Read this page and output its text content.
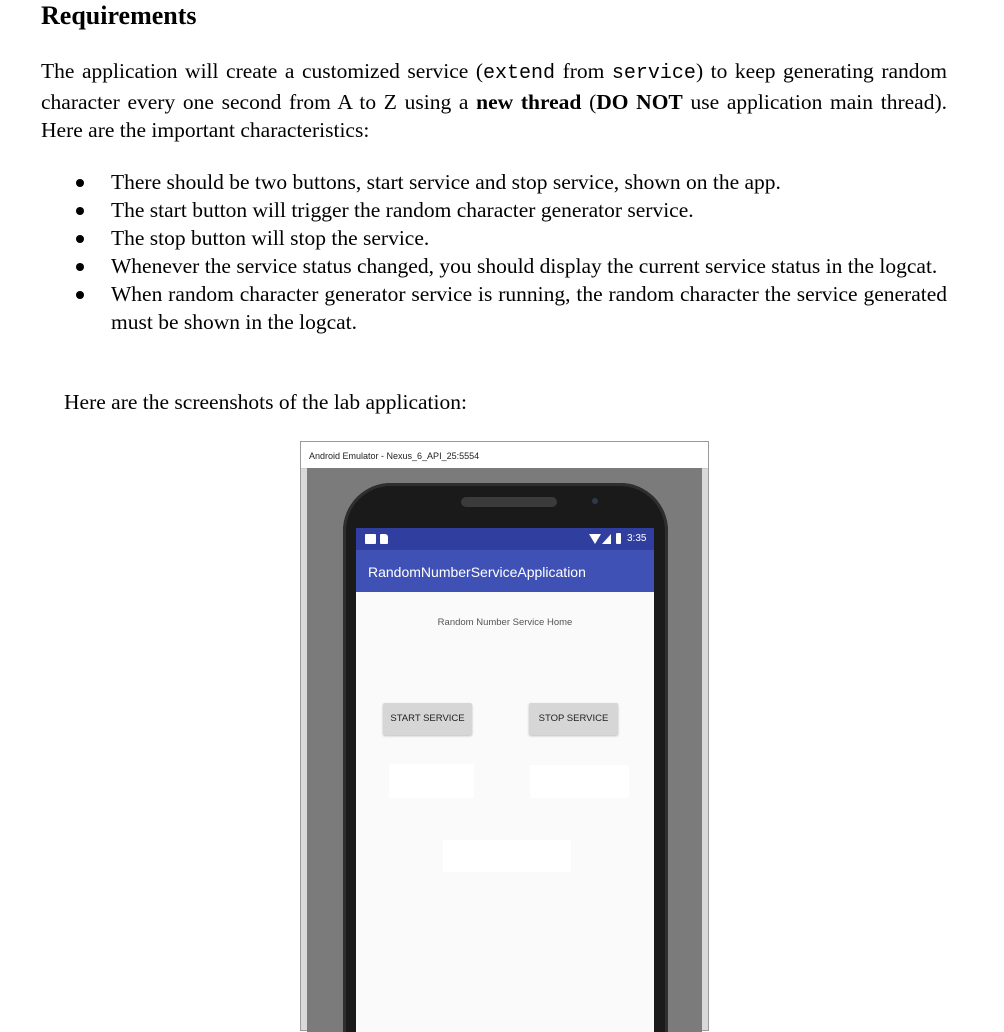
Requirements

The application will create a customized service (extend from service) to keep generating random character every one second from A to Z using a new thread (DO NOT use application main thread). Here are the important characteristics:

There should be two buttons, start service and stop service, shown on the app.
The start button will trigger the random character generator service.
The stop button will stop the service.
Whenever the service status changed, you should display the current service status in the logcat.
When random character generator service is running, the random character the service generated must be shown in the logcat.

Here are the screenshots of the lab application:

Android Emulator - Nexus_6_API_25:5554
3:35
RandomNumberServiceApplication
Random Number Service Home
START SERVICE	STOP SERVICE
